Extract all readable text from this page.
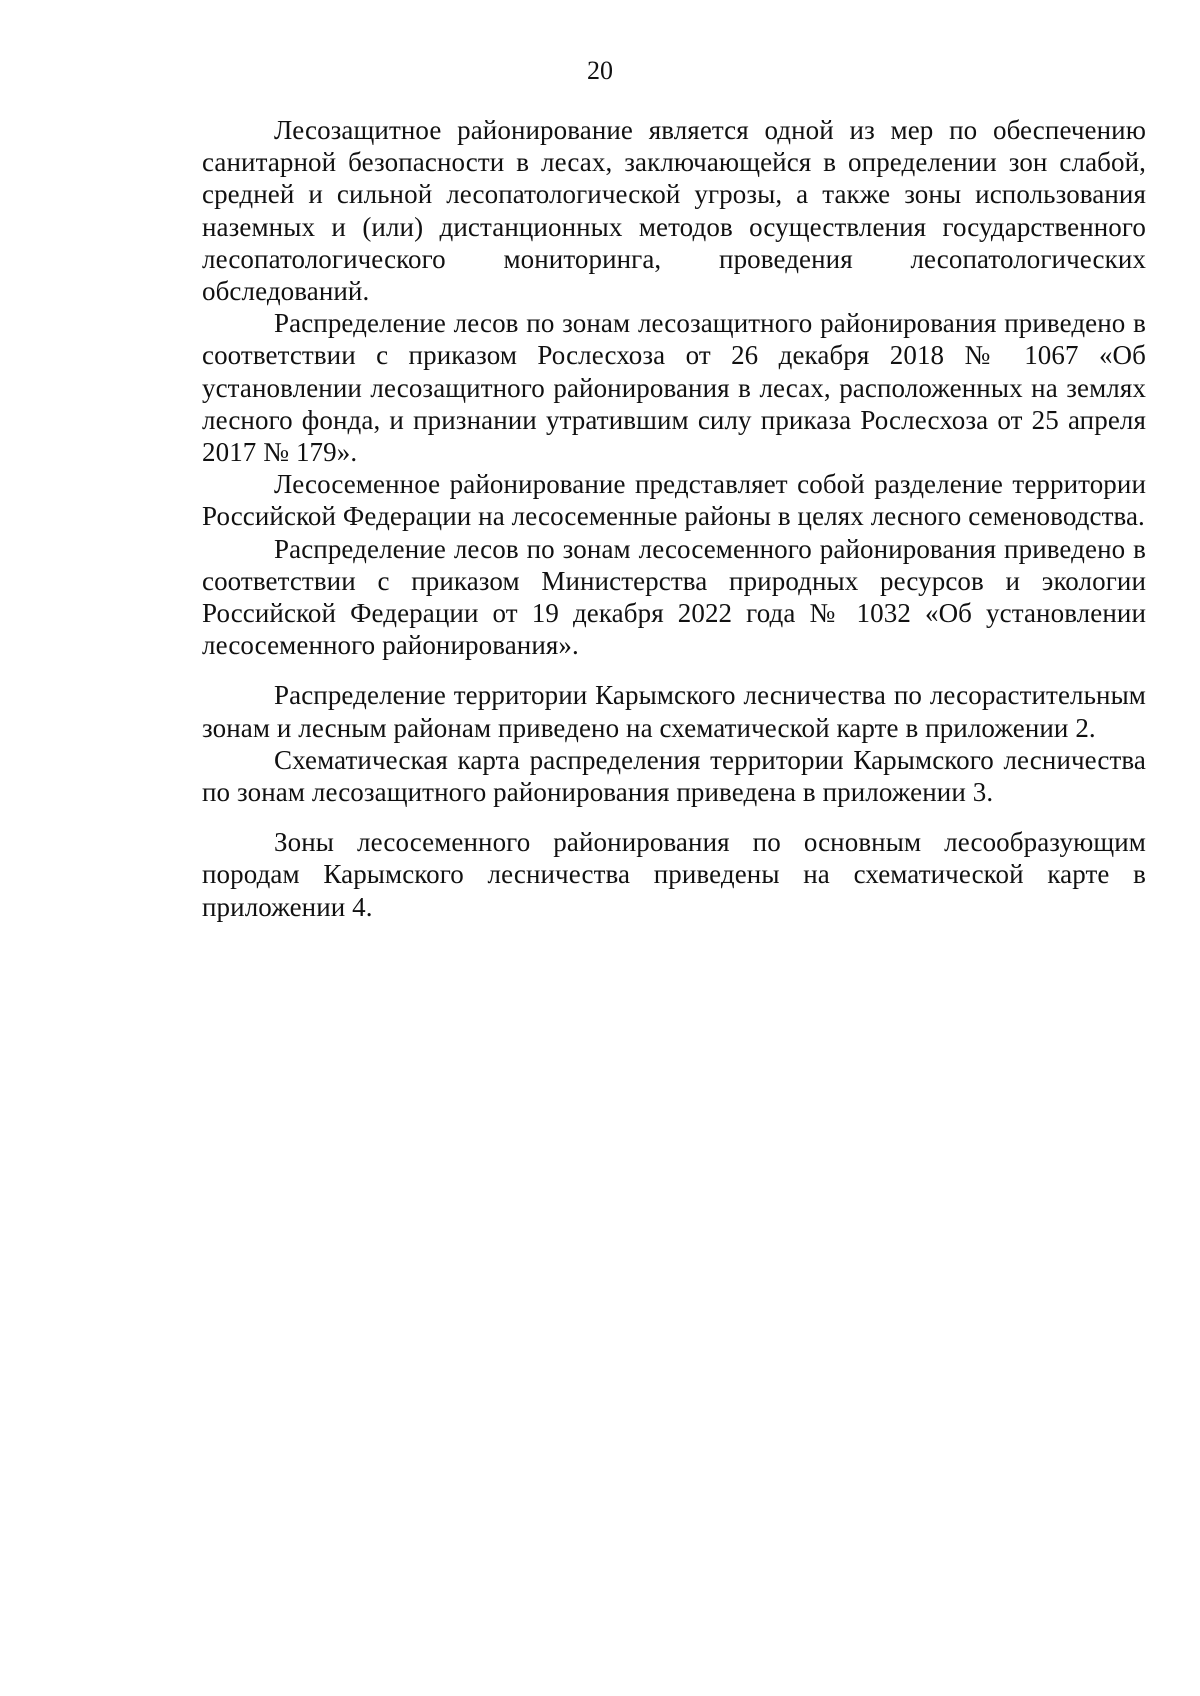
20

Лесозащитное районирование является одной из мер по обеспечению санитарной безопасности в лесах, заключающейся в определении зон слабой, средней и сильной лесопатологической угрозы, а также зоны использования наземных и (или) дистанционных методов осуществления государственного лесопатологического мониторинга, проведения лесопатологических обследований.

Распределение лесов по зонам лесозащитного районирования приведено в соответствии с приказом Рослесхоза от 26 декабря 2018 № 1067 «Об установлении лесозащитного районирования в лесах, расположенных на землях лесного фонда, и признании утратившим силу приказа Рослесхоза от 25 апреля 2017 № 179».

Лесосеменное районирование представляет собой разделение территории Российской Федерации на лесосеменные районы в целях лесного семеноводства.

Распределение лесов по зонам лесосеменного районирования приведено в соответствии с приказом Министерства природных ресурсов и экологии Российской Федерации от 19 декабря 2022 года № 1032 «Об установлении лесосеменного районирования».

Распределение территории Карымского лесничества по лесорастительным зонам и лесным районам приведено на схематической карте в приложении 2.

Схематическая карта распределения территории Карымского лесничества по зонам лесозащитного районирования приведена в приложении 3.

Зоны лесосеменного районирования по основным лесообразующим породам Карымского лесничества приведены на схематической карте в приложении 4.
